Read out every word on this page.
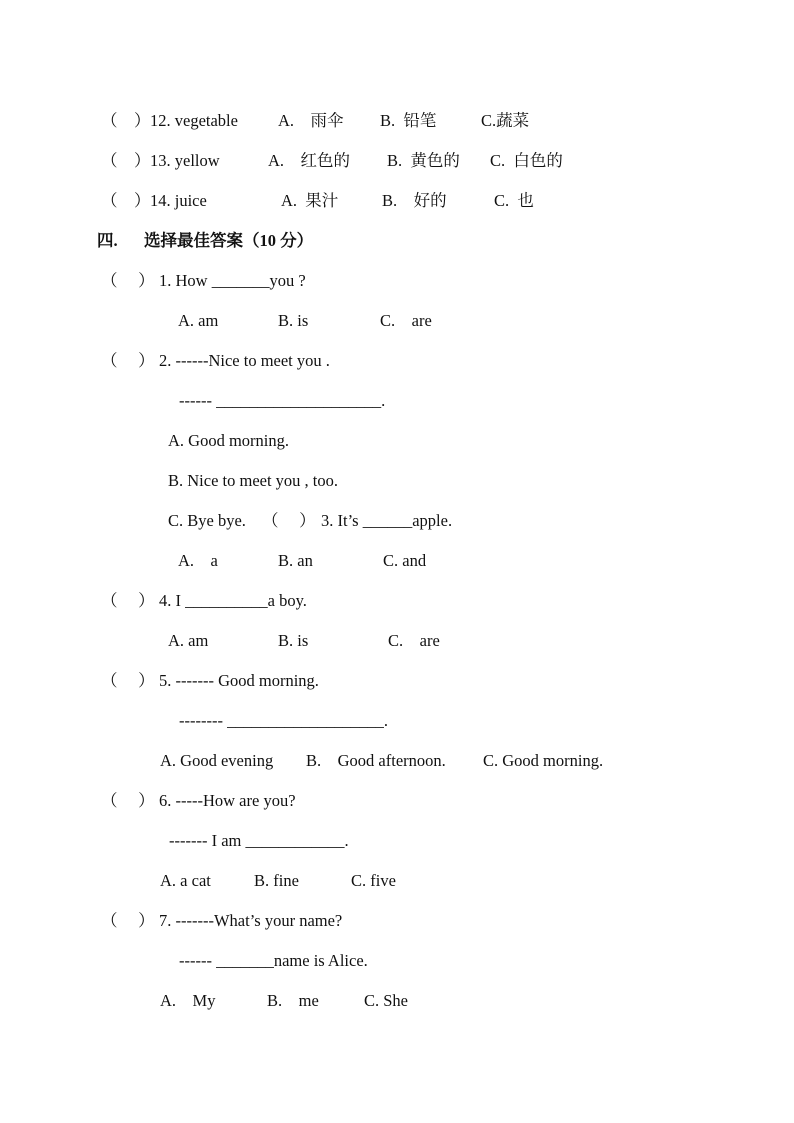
（    ） 12. vegetable A.    雨伞 B.  铅笔	C.蔬菜
（    ） 13. yellow	A.    红色的 B.  黄色的 C.  白色的
（    ） 14. juice	A.  果汁	B.    好的	C.  也
四. 选择最佳答案（10 分）
（     ） 1. How _______you ?
A. am	B. is	C.    are
（     ） 2. ------Nice to meet you .
------ ____________________.
A. Good morning.
B. Nice to meet you , too.
C. Bye bye. （     ） 3. It’s ______apple.
A.    a	B. an	C. and
（     ） 4. I __________a boy.
A. am	B. is	C.    are
（     ） 5. ------- Good morning.
-------- ___________________.
A. Good evening B.    Good afternoon. C. Good morning.
（     ） 6. -----How are you?
------- I am ____________.
A. a cat	B. fine	C. five
（     ） 7. -------What’s your name?
------ _______name is Alice.
A.    My	B.    me	C. She
